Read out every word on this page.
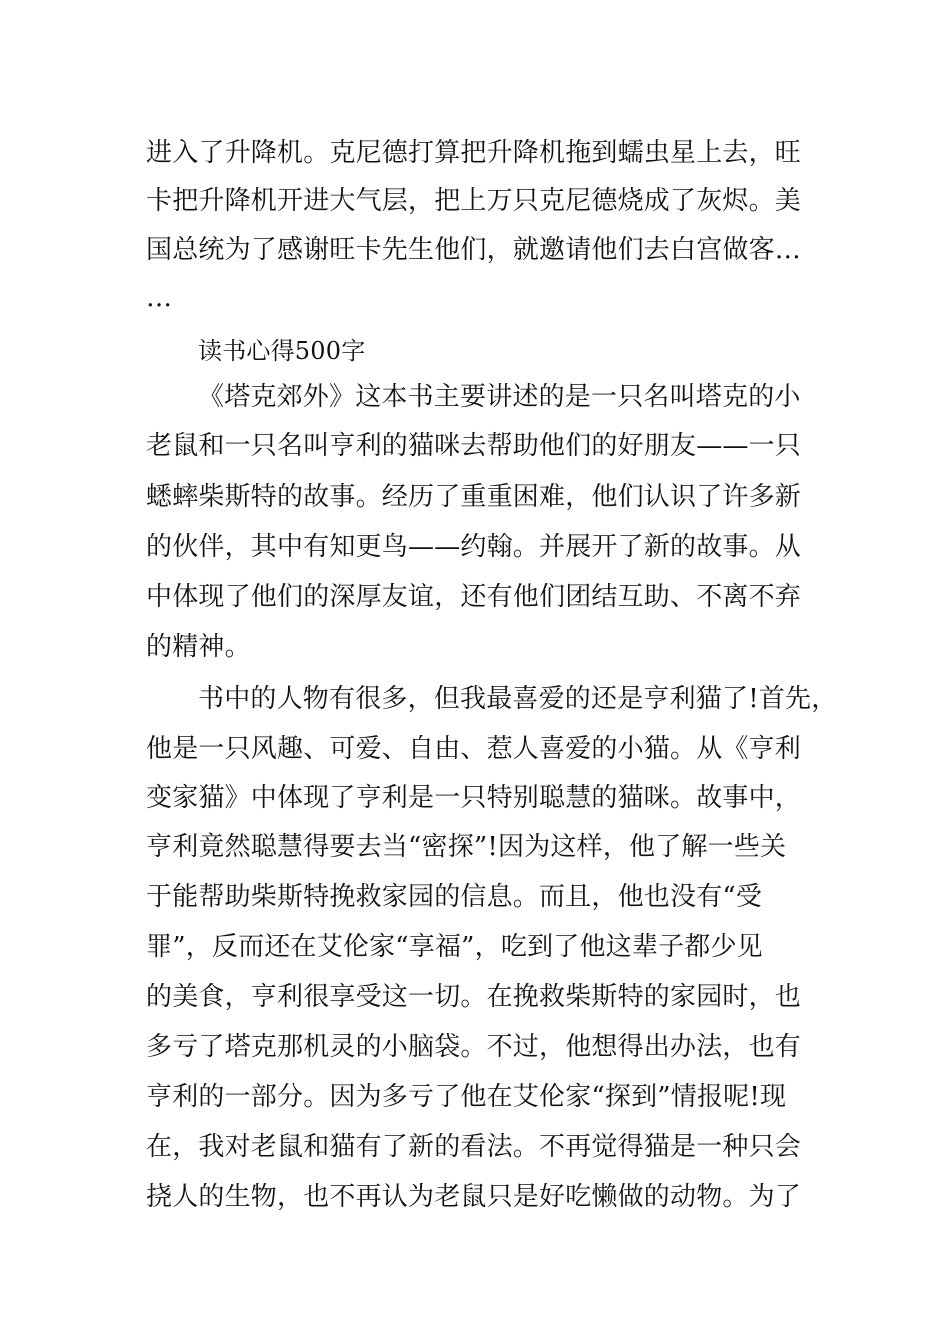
进入了升降机。克尼德打算把升降机拖到蠕虫星上去，旺
卡把升降机开进大气层，把上万只克尼德烧成了灰烬。美
国总统为了感谢旺卡先生他们，就邀请他们去白宫做客…
…
读书心得500字
《塔克郊外》这本书主要讲述的是一只名叫塔克的小
老鼠和一只名叫亨利的猫咪去帮助他们的好朋友——一只
蟋蟀柴斯特的故事。经历了重重困难，他们认识了许多新
的伙伴，其中有知更鸟——约翰。并展开了新的故事。从
中体现了他们的深厚友谊，还有他们团结互助、不离不弃
的精神。
书中的人物有很多，但我最喜爱的还是亨利猫了!首先，
他是一只风趣、可爱、自由、惹人喜爱的小猫。从《亨利
变家猫》中体现了亨利是一只特别聪慧的猫咪。故事中，
亨利竟然聪慧得要去当“密探”!因为这样，他了解一些关
于能帮助柴斯特挽救家园的信息。而且，他也没有“受
罪”，反而还在艾伦家“享福”，吃到了他这辈子都少见
的美食，亨利很享受这一切。在挽救柴斯特的家园时，也
多亏了塔克那机灵的小脑袋。不过，他想得出办法，也有
亨利的一部分。因为多亏了他在艾伦家“探到”情报呢!现
在，我对老鼠和猫有了新的看法。不再觉得猫是一种只会
挠人的生物，也不再认为老鼠只是好吃懒做的动物。为了
